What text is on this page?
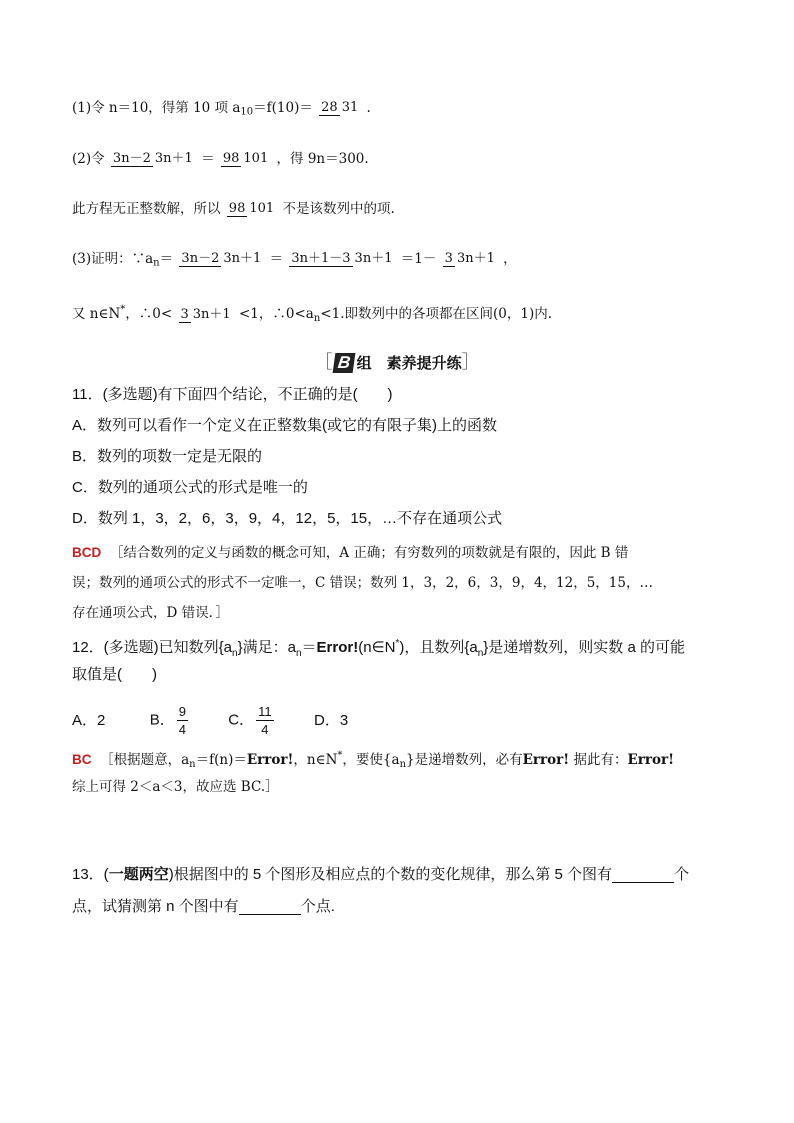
(1)令 n＝10，得第 10 项 $a_{10}=f(10)= 28$ 31 .
(2)令 3n－2 3n＋1 ＝ 98 101 ，得 9n＝300.
此方程无正整数解，所以 98 101 不是该数列中的项.
(3)证明：$\because a_n= 3n-2$ 3n＋1 ＝ 3n＋1－3 3n＋1 ＝1－ 3 3n＋1 ，
又 n∈N*，∴0< 3 3n＋1 <1，$\therefore 0<a_n<1$.即数列中的各项都在区间(0，1)内.
［ B 组　素养提升练］
11．(多选题)有下面四个结论，不正确的是(　　)
A．数列可以看作一个定义在正整数集(或它的有限子集)上的函数
B．数列的项数一定是无限的
C．数列的通项公式的形式是唯一的
D．数列 1，3，2，6，3，9，4，12，5，15，…不存在通项公式
BCD ［结合数列的定义与函数的概念可知，A 正确；有穷数列的项数就是有限的，因此 B 错
误；数列的通项公式的形式不一定唯一，C 错误；数列 1，3，2，6，3，9，4，12，5，15，…
存在通项公式，D 错误．］
12．(多选题)已知数列$\{a_n\}$满足：$a_n=Error!(n\in N^*)$，且数列$\{a_n\}$是递增数列，则实数 a 的可能
取值是(　　)
A．2	B． $\frac{9}{4}$	C． $\frac{11}{4}$	D．3
BC ［根据题意，$a_n=f(n)=Error$!，n∈N*，要使$\{a_n\}$是递增数列，必有Error! 据此有：Error!
综上可得 2＜a＜3，故应选 BC.］
13．(一题两空)根据图中的 5 个图形及相应点的个数的变化规律，那么第 5 个图有	个
点，试猜测第 n 个图中有	个点.
